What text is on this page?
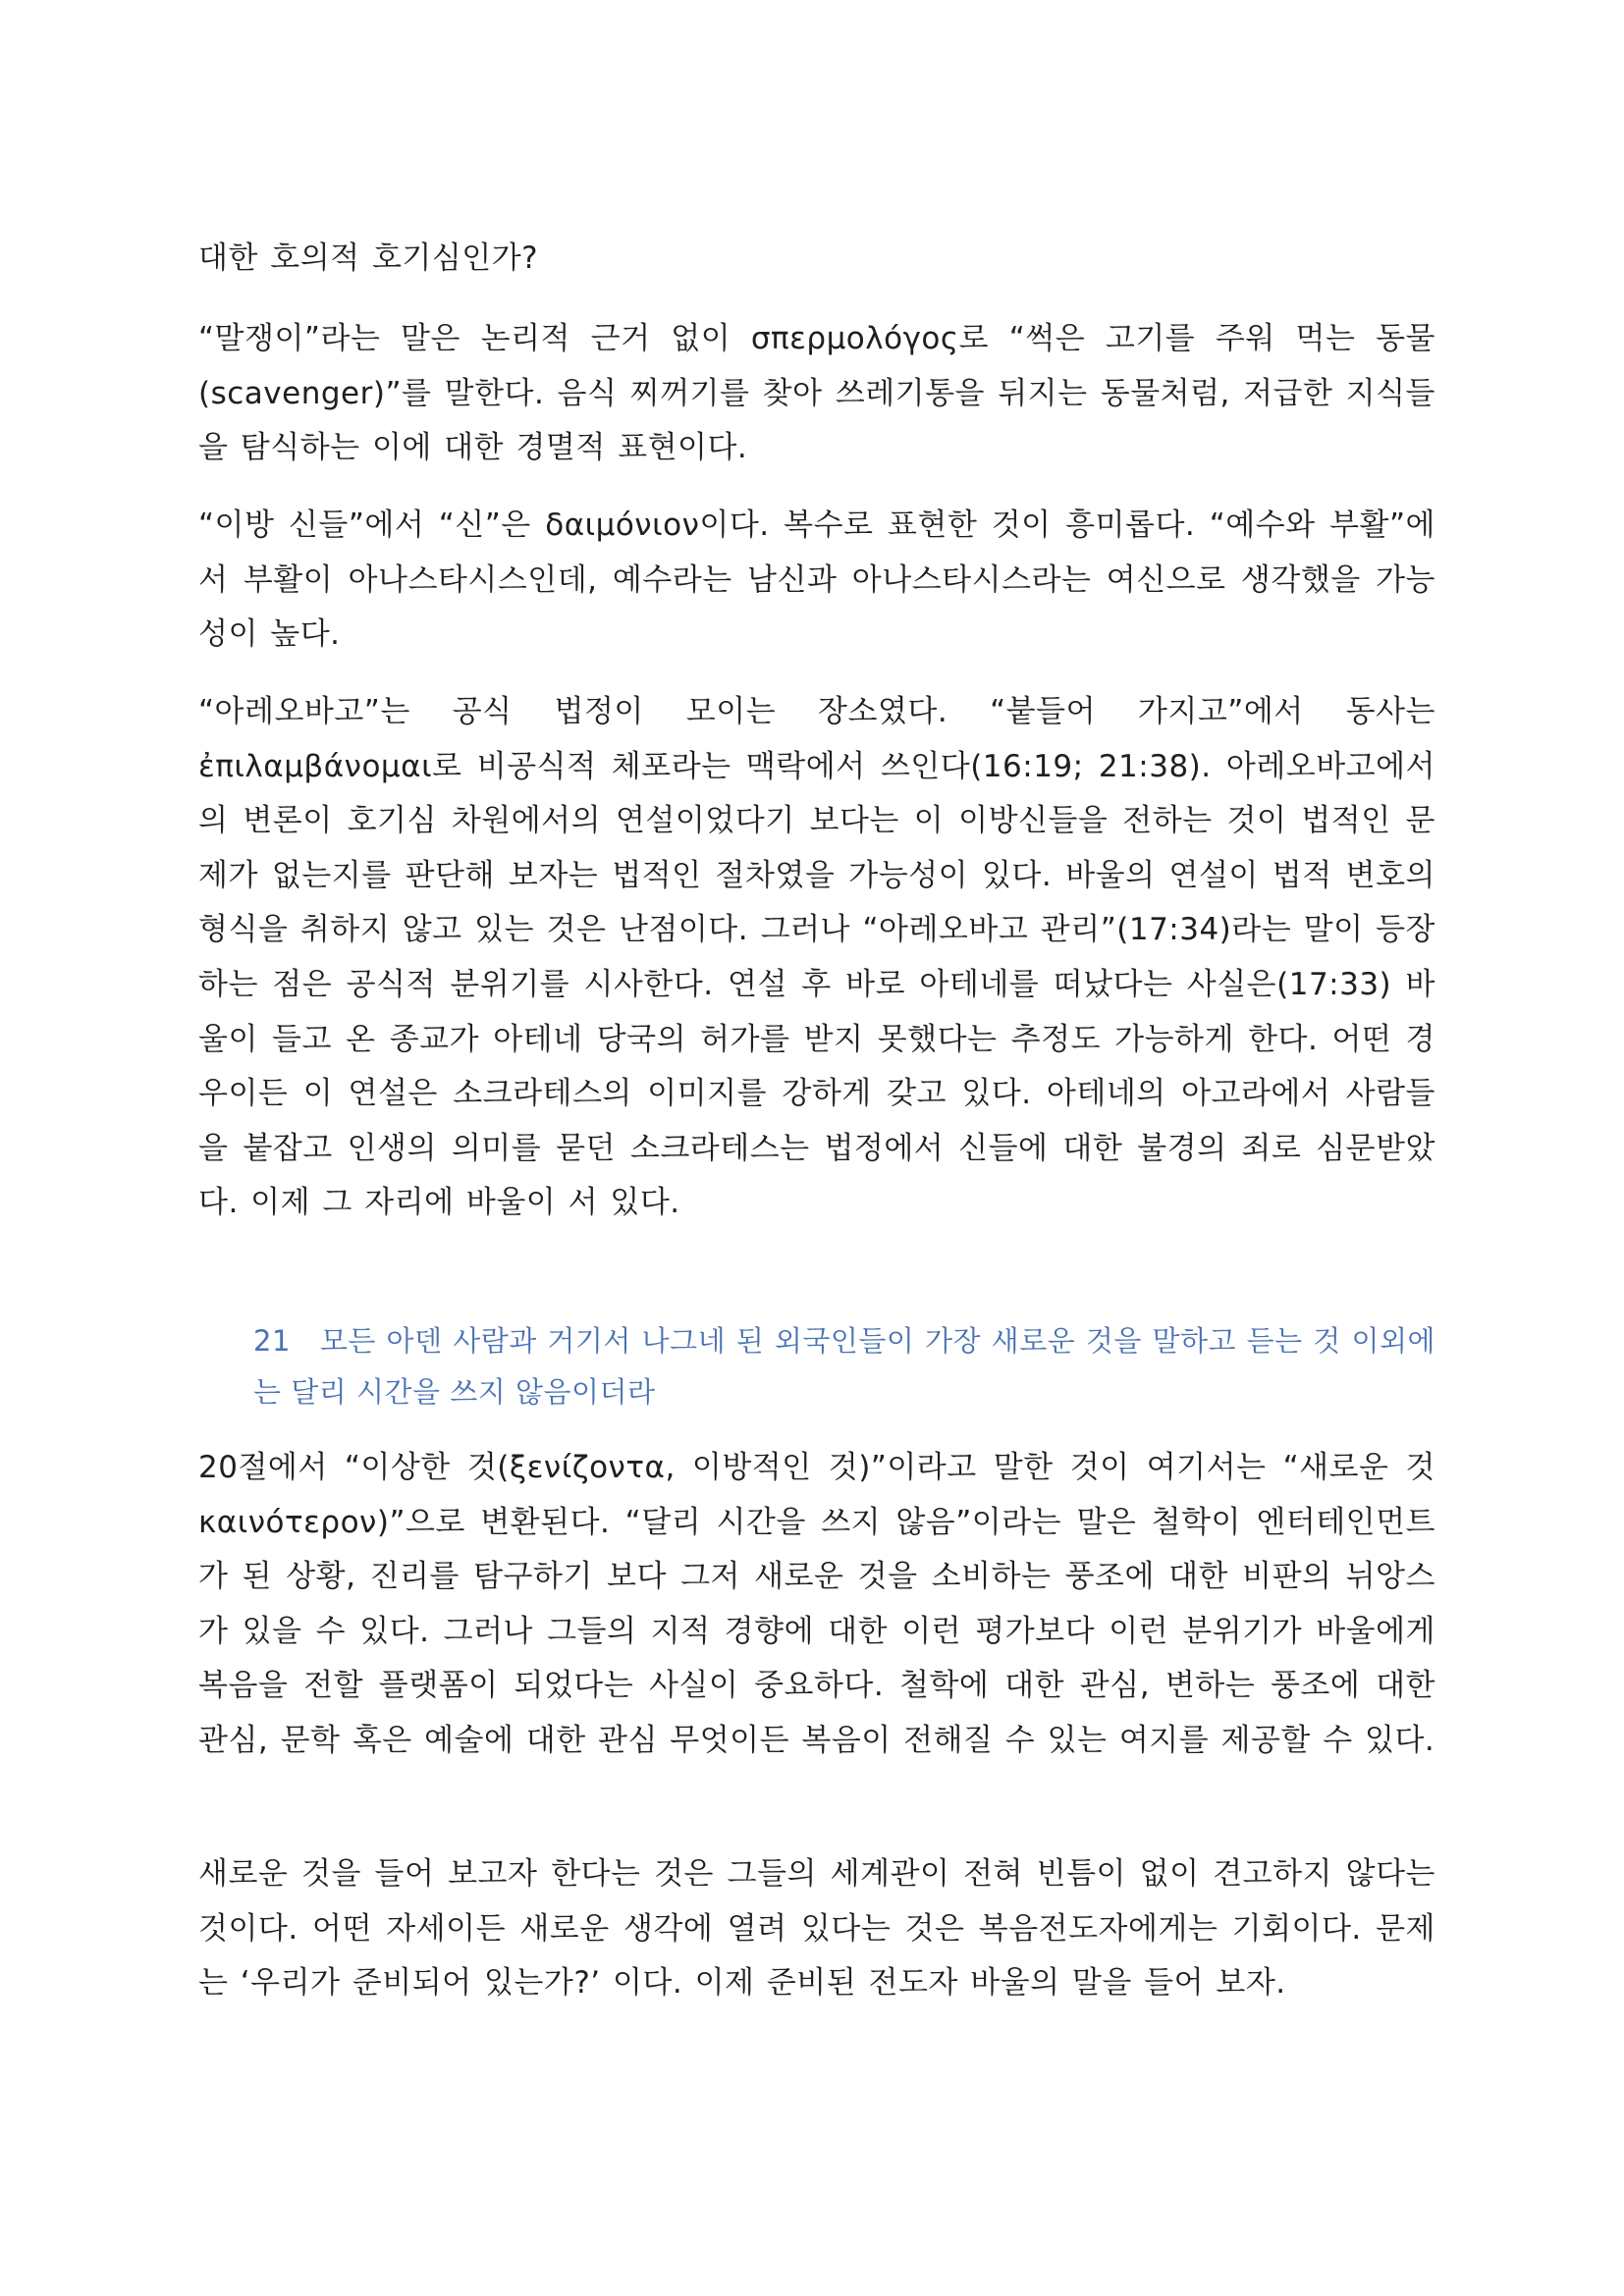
대한 호의적 호기심인가?

“말쟁이”라는 말은 논리적 근거 없이 σπερμολόγος로 “썩은 고기를 주워 먹는 동물(scavenger)”를 말한다. 음식 찌꺼기를 찾아 쓰레기통을 뒤지는 동물처럼, 저급한 지식들을 탐식하는 이에 대한 경멸적 표현이다.

“이방 신들”에서 “신”은 δαιμόνιον이다. 복수로 표현한 것이 흥미롭다. “예수와 부활”에서 부활이 아나스타시스인데, 예수라는 남신과 아나스타시스라는 여신으로 생각했을 가능성이 높다.

“아레오바고”는 공식 법정이 모이는 장소였다. “붙들어 가지고”에서 동사는 ἐπιλαμβάνομαι로 비공식적 체포라는 맥락에서 쓰인다(16:19; 21:38). 아레오바고에서의 변론이 호기심 차원에서의 연설이었다기 보다는 이 이방신들을 전하는 것이 법적인 문제가 없는지를 판단해 보자는 법적인 절차였을 가능성이 있다. 바울의 연설이 법적 변호의 형식을 취하지 않고 있는 것은 난점이다. 그러나 “아레오바고 관리”(17:34)라는 말이 등장하는 점은 공식적 분위기를 시사한다. 연설 후 바로 아테네를 떠났다는 사실은(17:33) 바울이 들고 온 종교가 아테네 당국의 허가를 받지 못했다는 추정도 가능하게 한다. 어떤 경우이든 이 연설은 소크라테스의 이미지를 강하게 갖고 있다. 아테네의 아고라에서 사람들을 붙잡고 인생의 의미를 묻던 소크라테스는 법정에서 신들에 대한 불경의 죄로 심문받았다. 이제 그 자리에 바울이 서 있다.

21 모든 아덴 사람과 거기서 나그네 된 외국인들이 가장 새로운 것을 말하고 듣는 것 이외에는 달리 시간을 쓰지 않음이더라

20절에서 “이상한 것(ξενίζοντα, 이방적인 것)”이라고 말한 것이 여기서는 “새로운 것 καινότερον)”으로 변환된다. “달리 시간을 쓰지 않음”이라는 말은 철학이 엔터테인먼트가 된 상황, 진리를 탐구하기 보다 그저 새로운 것을 소비하는 풍조에 대한 비판의 뉘앙스가 있을 수 있다. 그러나 그들의 지적 경향에 대한 이런 평가보다 이런 분위기가 바울에게 복음을 전할 플랫폼이 되었다는 사실이 중요하다. 철학에 대한 관심, 변하는 풍조에 대한 관심, 문학 혹은 예술에 대한 관심 무엇이든 복음이 전해질 수 있는 여지를 제공할 수 있다.

새로운 것을 들어 보고자 한다는 것은 그들의 세계관이 전혀 빈틈이 없이 견고하지 않다는 것이다. 어떤 자세이든 새로운 생각에 열려 있다는 것은 복음전도자에게는 기회이다. 문제는 ‘우리가 준비되어 있는가?’ 이다. 이제 준비된 전도자 바울의 말을 들어 보자.
